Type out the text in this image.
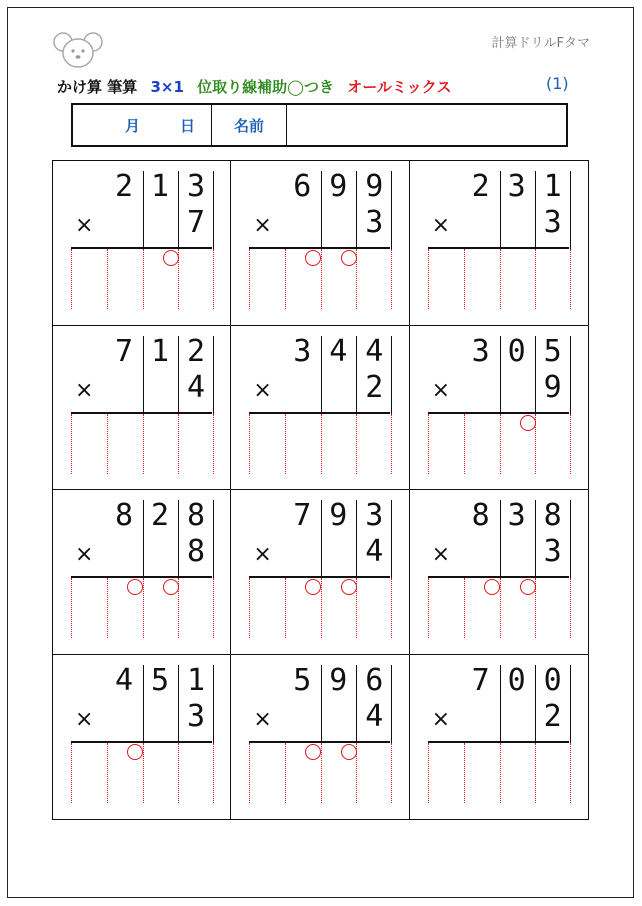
計算ドリルFタマ
かけ算 筆算 3×1 位取り線補助◯つき オールミックス	(1)
月	日	名前
2 1 3
×	7
6 9 9
×	3
2 3 1
×	3
7 1 2
×	4
3 4 4
×	2
3 0 5
×	9
8 2 8
×	8
7 9 3
×	4
8 3 8
×	3
4 5 1
×	3
5 9 6
×	4
7 0 0
×	2
